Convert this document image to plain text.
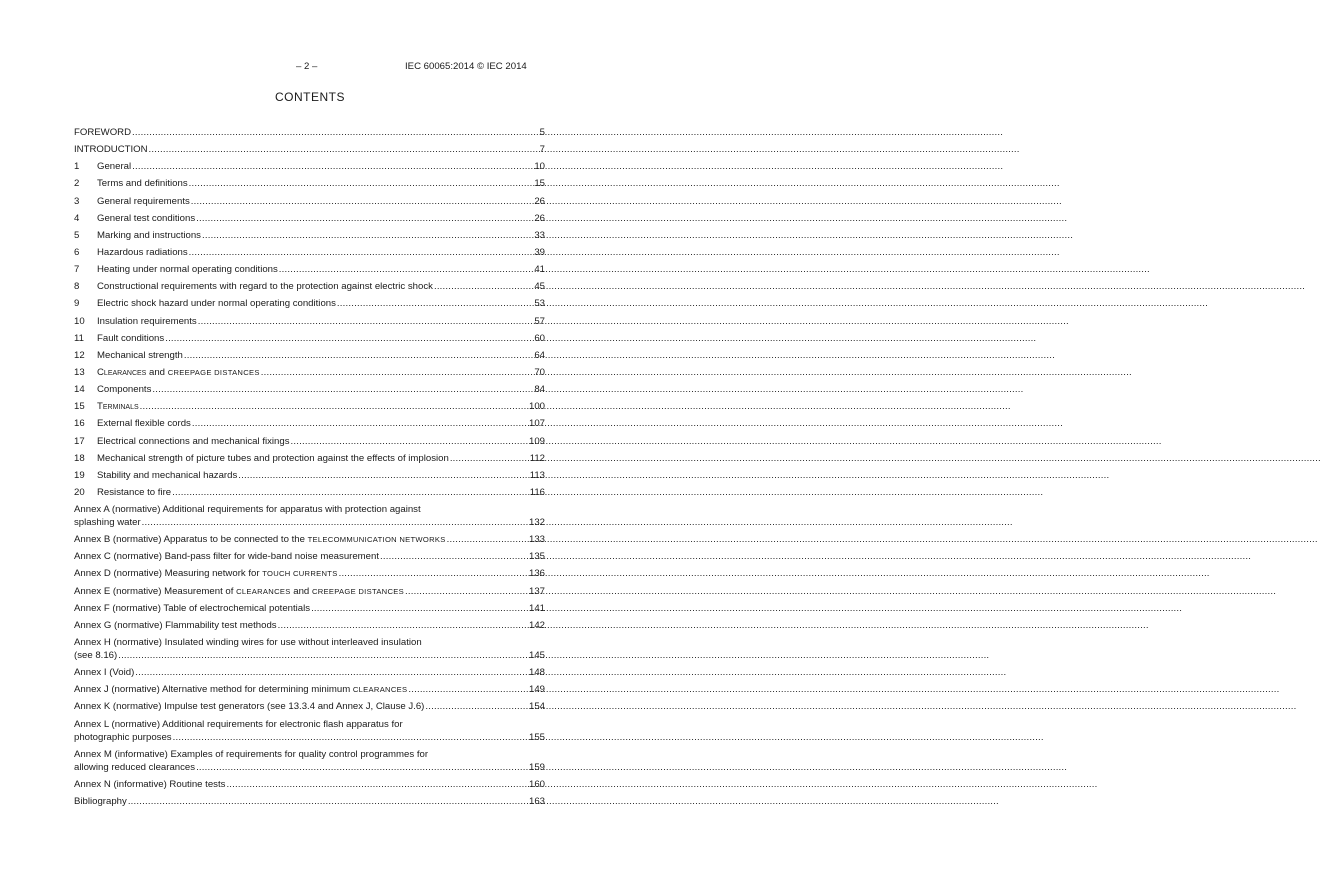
– 2 –	IEC 60065:2014 © IEC 2014
CONTENTS
FOREWORD .....	5
INTRODUCTION .....	7
1	General .....	10
2	Terms and definitions .....	15
3	General requirements .....	26
4	General test conditions .....	26
5	Marking and instructions .....	33
6	Hazardous radiations .....	39
7	Heating under normal operating conditions .....	41
8	Constructional requirements with regard to the protection against electric shock .....	45
9	Electric shock hazard under normal operating conditions .....	53
10	Insulation requirements .....	57
11	Fault conditions .....	60
12	Mechanical strength .....	64
13	Clearances and CREEPAGE DISTANCES .....	70
14	Components .....	84
15	Terminals .....	100
16	External flexible cords .....	107
17	Electrical connections and mechanical fixings .....	109
18	Mechanical strength of picture tubes and protection against the effects of implosion .....	112
19	Stability and mechanical hazards .....	113
20	Resistance to fire .....	116
Annex A (normative) Additional requirements for apparatus with protection against
splashing water .....	132
Annex B (normative) Apparatus to be connected to the TELECOMMUNICATION NETWORKS .....	133
Annex C (normative) Band-pass filter for wide-band noise measurement .....	135
Annex D (normative) Measuring network for TOUCH CURRENTS .....	136
Annex E (normative) Measurement of CLEARANCES and CREEPAGE DISTANCES .....	137
Annex F (normative) Table of electrochemical potentials .....	141
Annex G (normative) Flammability test methods .....	142
Annex H (normative) Insulated winding wires for use without interleaved insulation
(see 8.16) .....	145
Annex I (Void) .....	148
Annex J (normative) Alternative method for determining minimum CLEARANCES .....	149
Annex K (normative) Impulse test generators (see 13.3.4 and Annex J, Clause J.6) .....	154
Annex L (normative) Additional requirements for electronic flash apparatus for
photographic purposes .....	155
Annex M (informative) Examples of requirements for quality control programmes for
allowing reduced clearances .....	159
Annex N (informative) Routine tests .....	160
Bibliography .....	163
